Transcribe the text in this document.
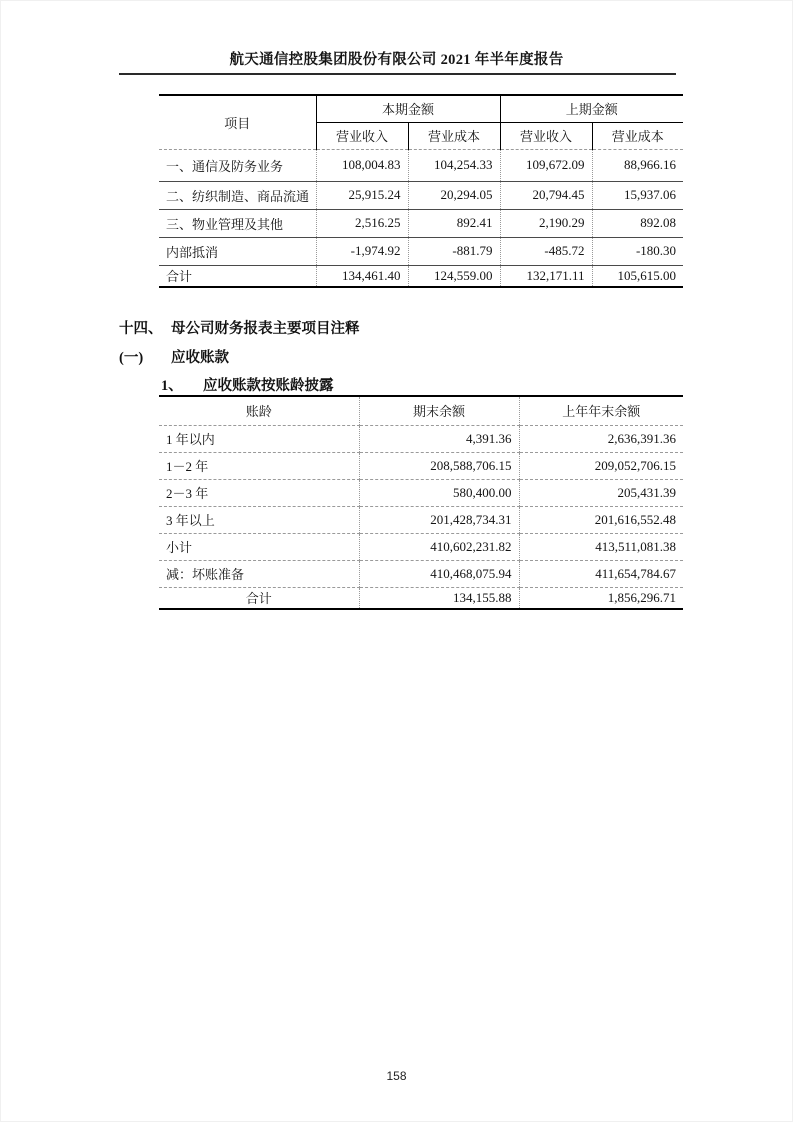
航天通信控股集团股份有限公司 2021 年半年度报告
项目	本期金额		上期金额	
	营业收入	营业成本	营业收入	营业成本
一、通信及防务业务	108,004.83	104,254.33	109,672.09	88,966.16
二、纺织制造、商品流通	25,915.24	20,294.05	20,794.45	15,937.06
三、物业管理及其他	2,516.25	892.41	2,190.29	892.08
内部抵消	-1,974.92	-881.79	-485.72	-180.30
合计	134,461.40	124,559.00	132,171.11	105,615.00
十四、 母公司财务报表主要项目注释
(一) 应收账款
1、 应收账款按账龄披露
账龄	期末余额	上年年末余额
1 年以内	4,391.36	2,636,391.36
1－2 年	208,588,706.15	209,052,706.15
2－3 年	580,400.00	205,431.39
3 年以上	201,428,734.31	201,616,552.48
小计	410,602,231.82	413,511,081.38
减：坏账准备	410,468,075.94	411,654,784.67
合计	134,155.88	1,856,296.71
158
